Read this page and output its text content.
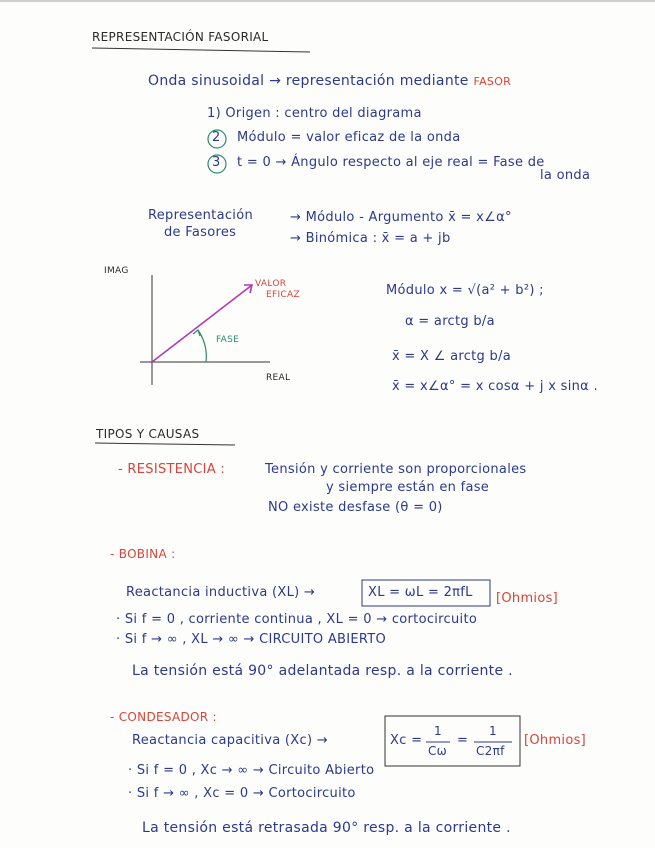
REPRESENTACIÓN FASORIAL
Onda sinusoidal → representación mediante FASOR
1) Origen : centro del diagrama
2 Módulo = valor eficaz de la onda
3 t = 0 → Ángulo respecto al eje real = Fase de
la onda
Representación
de Fasores
→ Módulo - Argumento x̄ = x∠α°
→ Binómica : x̄ = a + jb
IMAG
REAL
VALOR
EFICAZ
FASE
Módulo x = √(a² + b²) ;
α = arctg b/a
x̄ = X ∠ arctg b/a
x̄ = x∠α° = x cosα + j x sinα .
TIPOS Y CAUSAS
- RESISTENCIA :	Tensión y corriente son proporcionales
y siempre están en fase
NO existe desfase (θ = 0)
- BOBINA :
Reactancia inductiva (XL) →	XL = ωL = 2πfL [Ohmios]
· Si f = 0 , corriente continua , XL = 0 → cortocircuito
· Si f → ∞ , XL → ∞ → CIRCUITO ABIERTO
La tensión está 90° adelantada resp. a la corriente .
- CONDESADOR :
Reactancia capacitiva (Xc) →	Xc =
1
Cω
=
1
C2πf
[Ohmios]
· Si f = 0 , Xc → ∞ → Circuito Abierto
· Si f → ∞ , Xc = 0 → Cortocircuito
La tensión está retrasada 90° resp. a la corriente .
